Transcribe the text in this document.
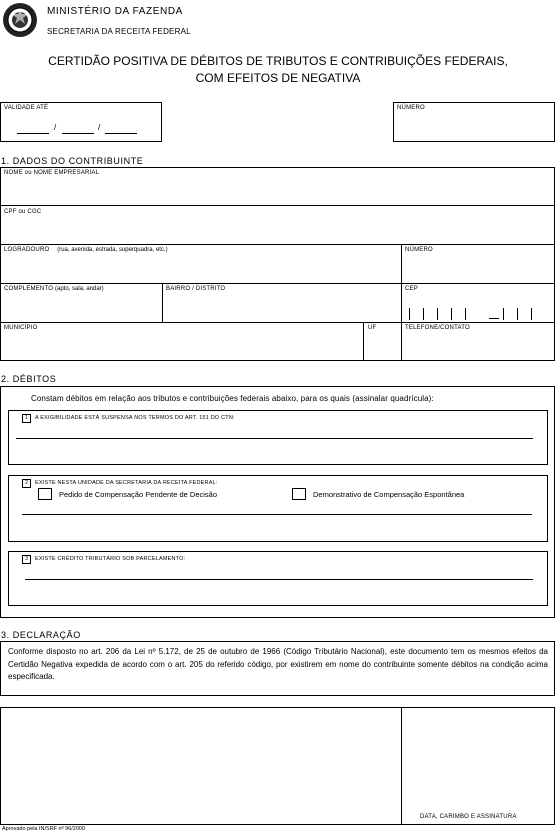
MINISTÉRIO DA FAZENDA
SECRETARIA DA RECEITA FEDERAL
CERTIDÃO POSITIVA DE DÉBITOS DE TRIBUTOS E CONTRIBUIÇÕES FEDERAIS,
COM EFEITOS DE NEGATIVA
VALIDADE ATÉ
/	/
NÚMERO
1. DADOS DO CONTRIBUINTE
NOME ou NOME EMPRESARIAL
CPF ou CGC
LOGRADOURO (rua, avenida, estrada, superquadra, etc.)	NÚMERO
COMPLEMENTO (apto, sala, andar)	BAIRRO / DISTRITO	CEP
MUNICÍPIO	UF	TELEFONE/CONTATO
2. DÉBITOS
Constam débitos em relação aos tributos e contribuições federais abaixo, para os quais (assinalar quadrícula):
1	A EXIGIBILIDADE ESTÁ SUSPENSA NOS TERMOS DO ART. 151 DO CTN:
2	EXISTE NESTA UNIDADE DA SECRETARIA DA RECEITA FEDERAL:
Pedido de Compensação Pendente de Decisão	Demonstrativo de Compensação Espontânea
3	EXISTE CRÉDITO TRIBUTÁRIO SOB PARCELAMENTO:
3. DECLARAÇÃO
Conforme disposto no art. 206 da Lei nº 5.172, de 25 de outubro de 1966 (Código Tributário Nacional), este documento tem os mesmos efeitos da Certidão Negativa expedida de acordo com o art. 205 do referido código, por existirem em nome do contribuinte somente débitos na condição acima especificada.
DATA, CARIMBO E ASSINATURA
Aprovado pela IN/SRF nº 96/2000
